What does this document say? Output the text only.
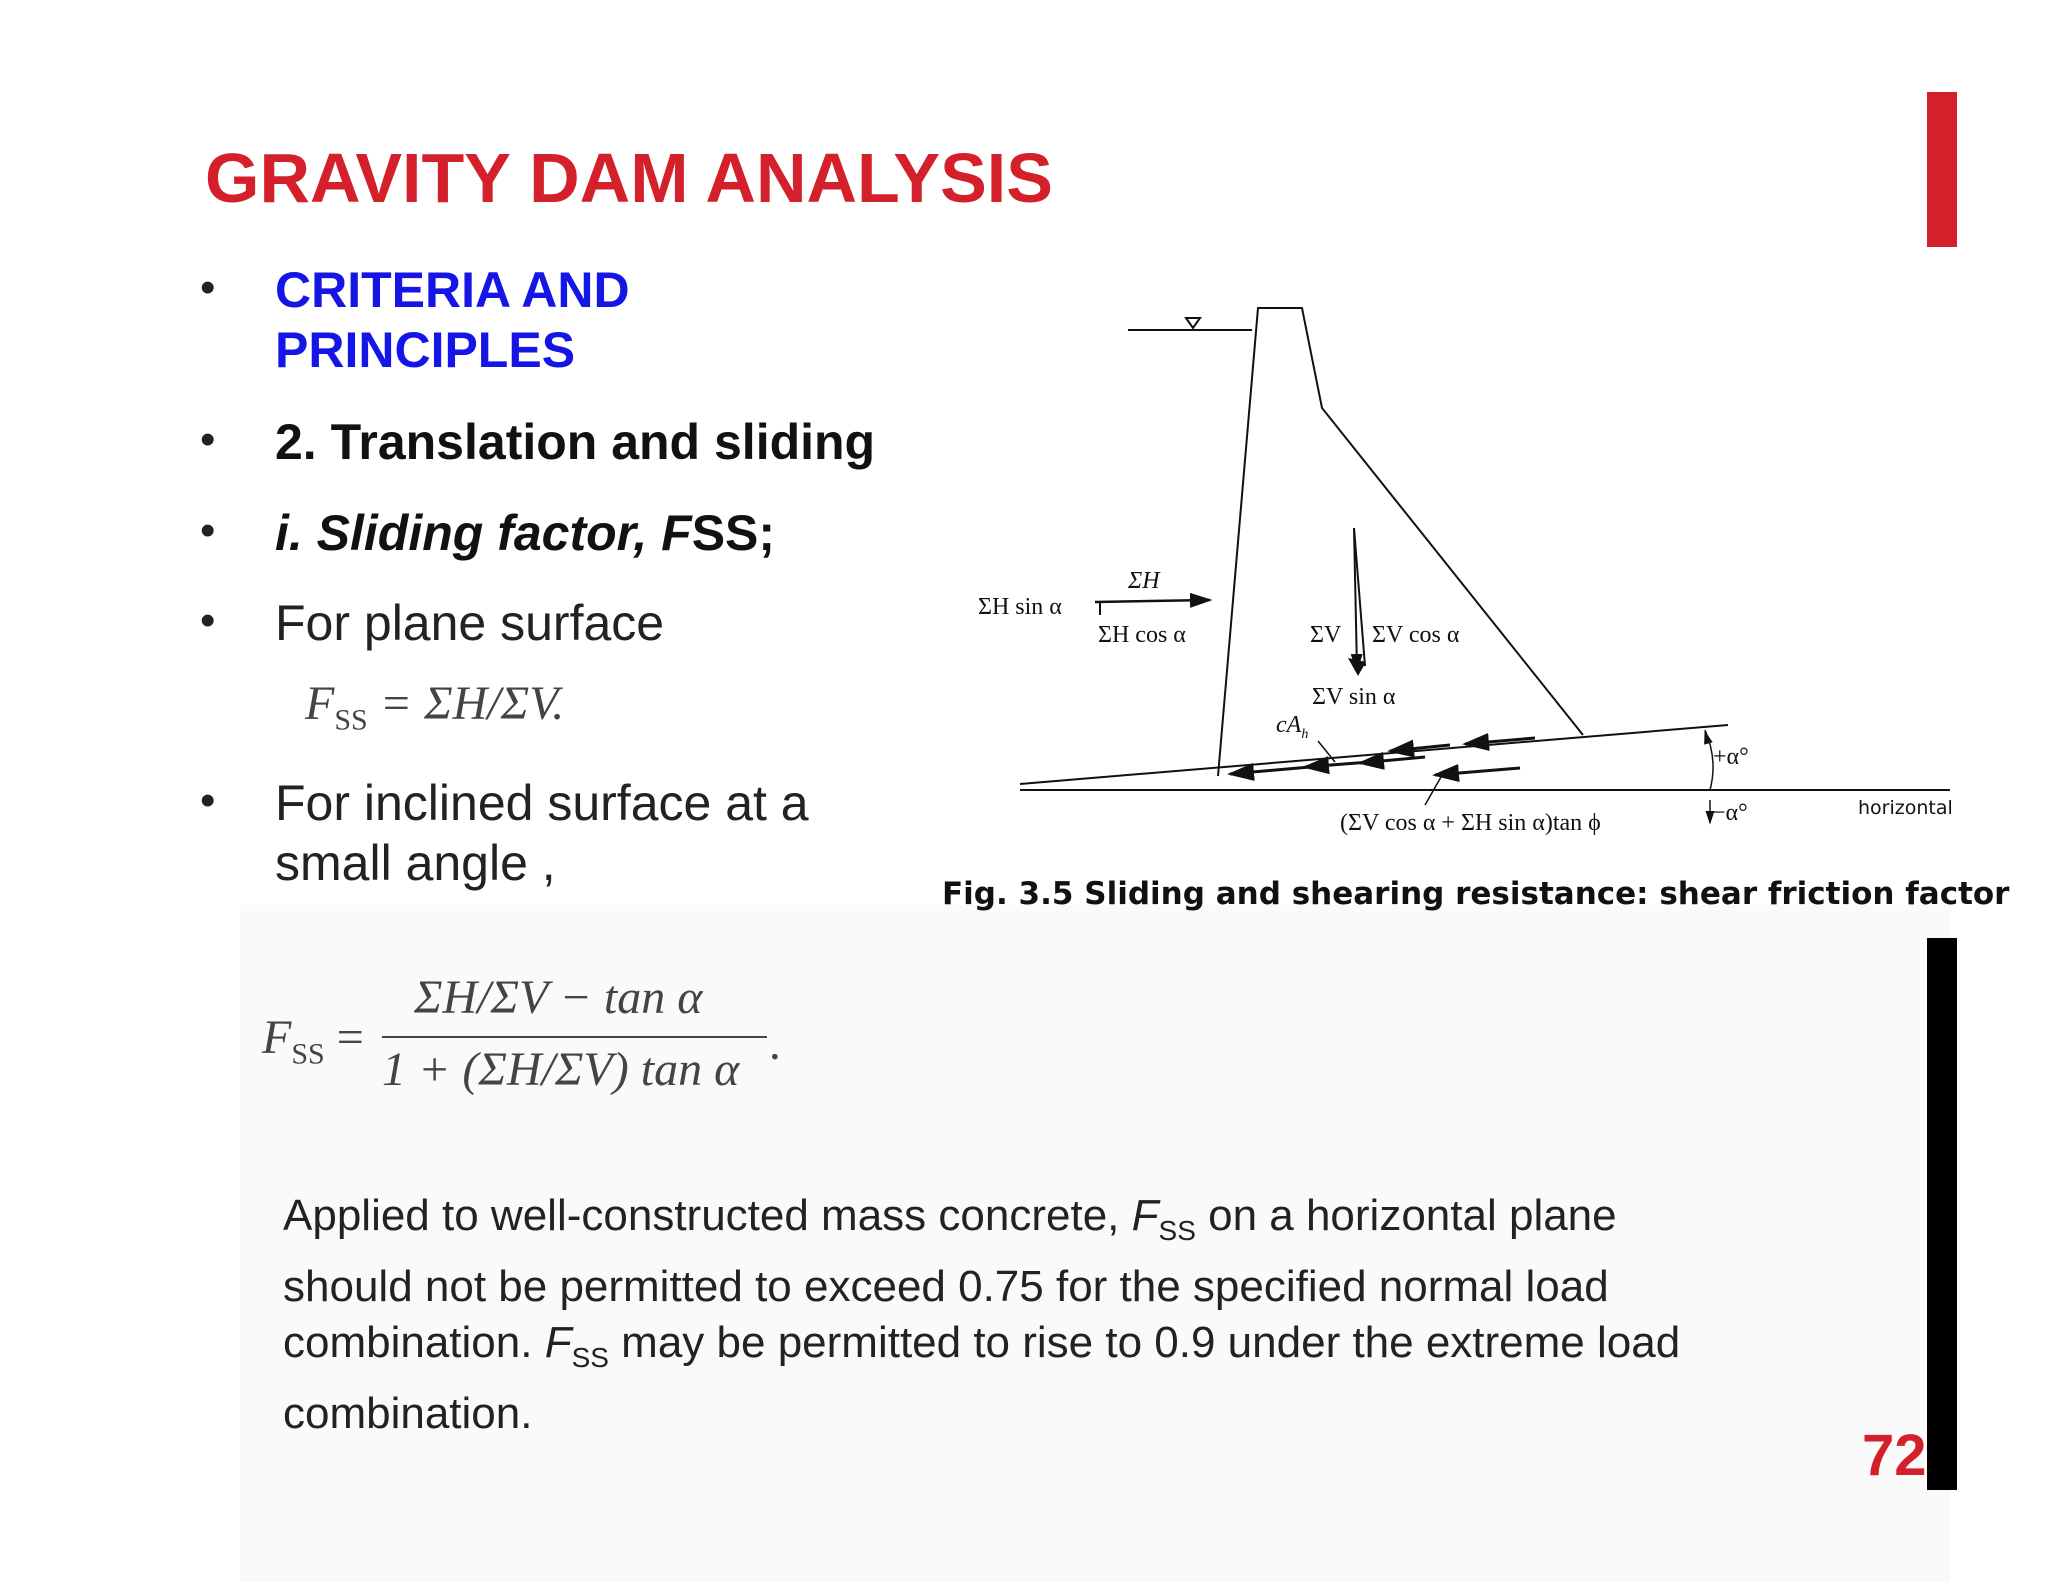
GRAVITY DAM ANALYSIS
• CRITERIA AND
PRINCIPLES
• 2. Translation and sliding
• i. Sliding factor, FSS;
• For plane surface
$F_{SS} = \Sigma H/\Sigma V$.
• For inclined surface at a
small angle ,
$F_{SS}$ =
ΣH/ΣV − tan α
1 + (ΣH/ΣV) tan α .
ΣH
ΣH sin α
ΣH cos α	ΣV ΣV cos α
ΣV sin α
$cA_h$
+α°
−α°	horizontal
(ΣV cos α + ΣH sin α)tan ϕ
Fig. 3.5 Sliding and shearing resistance: shear friction factor
Applied to well-constructed mass concrete, $F_{SS}$ on a horizontal plane should not be permitted to exceed 0.75 for the specified normal load combination. $F_{SS}$ may be permitted to rise to 0.9 under the extreme load combination.
72
